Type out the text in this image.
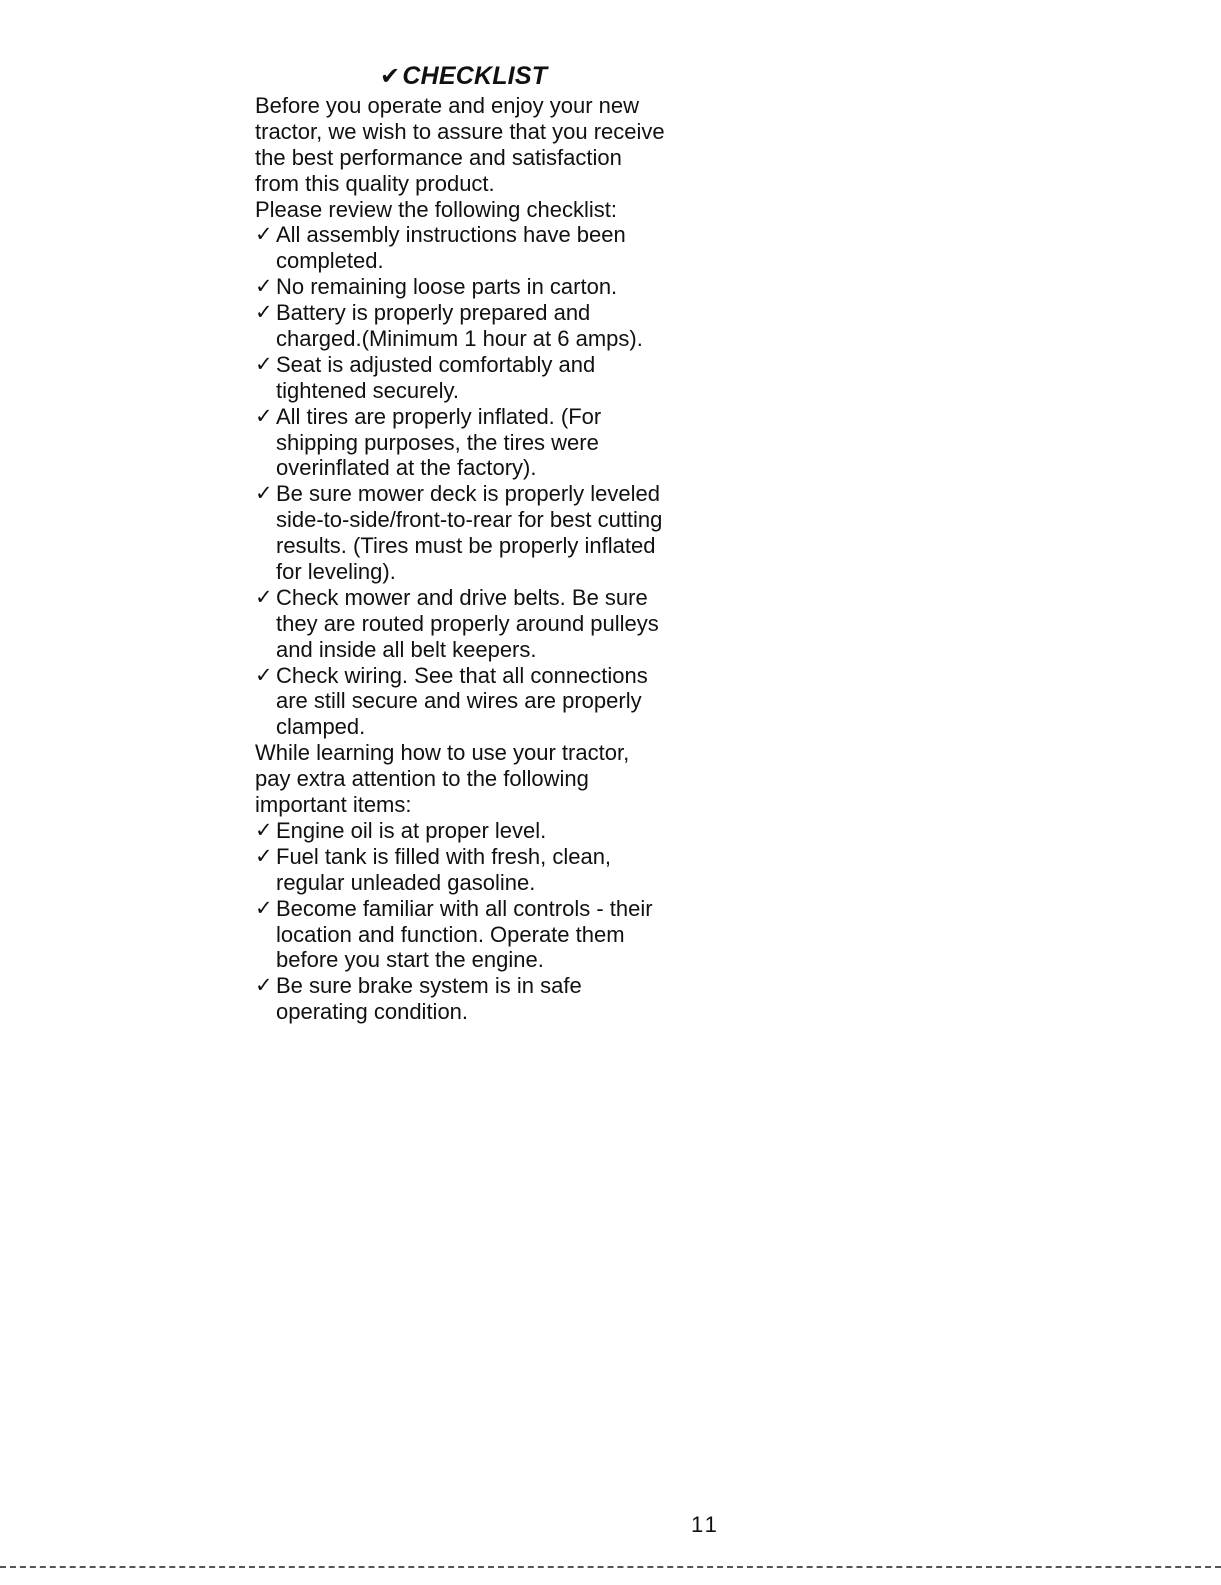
✔CHECKLIST
Before you operate and enjoy your new
tractor, we wish to assure that you receive
the best performance and satisfaction
from this quality product.
Please review the following checklist:
✓ All assembly instructions have been
completed.
✓ No remaining loose parts in carton.
✓ Battery is properly prepared and
charged.(Minimum 1 hour at 6 amps).
✓ Seat is adjusted comfortably and
tightened securely.
✓ All tires are properly inflated. (For
shipping purposes, the tires were
overinflated at the factory).
✓ Be sure mower deck is properly leveled
side-to-side/front-to-rear for best cutting
results. (Tires must be properly inflated
for leveling).
✓ Check mower and drive belts. Be sure
they are routed properly around pulleys
and inside all belt keepers.
✓ Check wiring. See that all connections
are still secure and wires are properly
clamped.
While learning how to use your tractor,
pay extra attention to the following
important items:
✓ Engine oil is at proper level.
✓ Fuel tank is filled with fresh, clean,
regular unleaded gasoline.
✓ Become familiar with all controls - their
location and function. Operate them
before you start the engine.
✓ Be sure brake system is in safe
operating condition.
11
